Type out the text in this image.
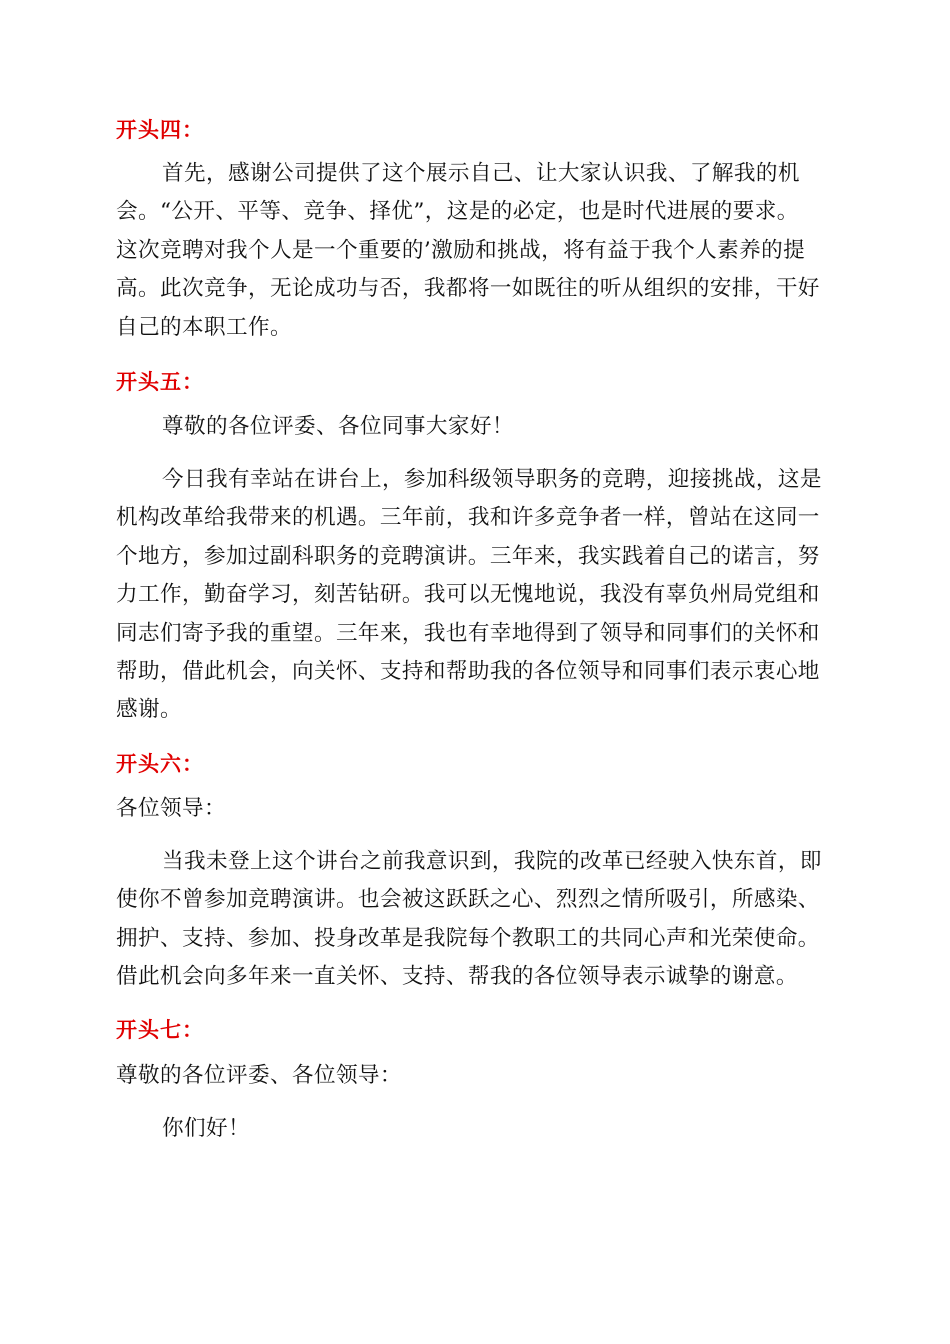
开头四：
首先，感谢公司提供了这个展示自己、让大家认识我、了解我的机
会。“公开、平等、竞争、择优”，这是的必定，也是时代进展的要求。
这次竞聘对我个人是一个重要的’激励和挑战，将有益于我个人素养的提
高。此次竞争，无论成功与否，我都将一如既往的听从组织的安排，干好
自己的本职工作。
开头五：
尊敬的各位评委、各位同事大家好！
今日我有幸站在讲台上，参加科级领导职务的竞聘，迎接挑战，这是
机构改革给我带来的机遇。三年前，我和许多竞争者一样，曾站在这同一
个地方，参加过副科职务的竞聘演讲。三年来，我实践着自己的诺言，努
力工作，勤奋学习，刻苦钻研。我可以无愧地说，我没有辜负州局党组和
同志们寄予我的重望。三年来，我也有幸地得到了领导和同事们的关怀和
帮助，借此机会，向关怀、支持和帮助我的各位领导和同事们表示衷心地
感谢。
开头六：
各位领导：
当我未登上这个讲台之前我意识到，我院的改革已经驶入快东首，即
使你不曾参加竞聘演讲。也会被这跃跃之心、烈烈之情所吸引，所感染、
拥护、支持、参加、投身改革是我院每个教职工的共同心声和光荣使命。
借此机会向多年来一直关怀、支持、帮我的各位领导表示诚挚的谢意。
开头七：
尊敬的各位评委、各位领导：
你们好！
